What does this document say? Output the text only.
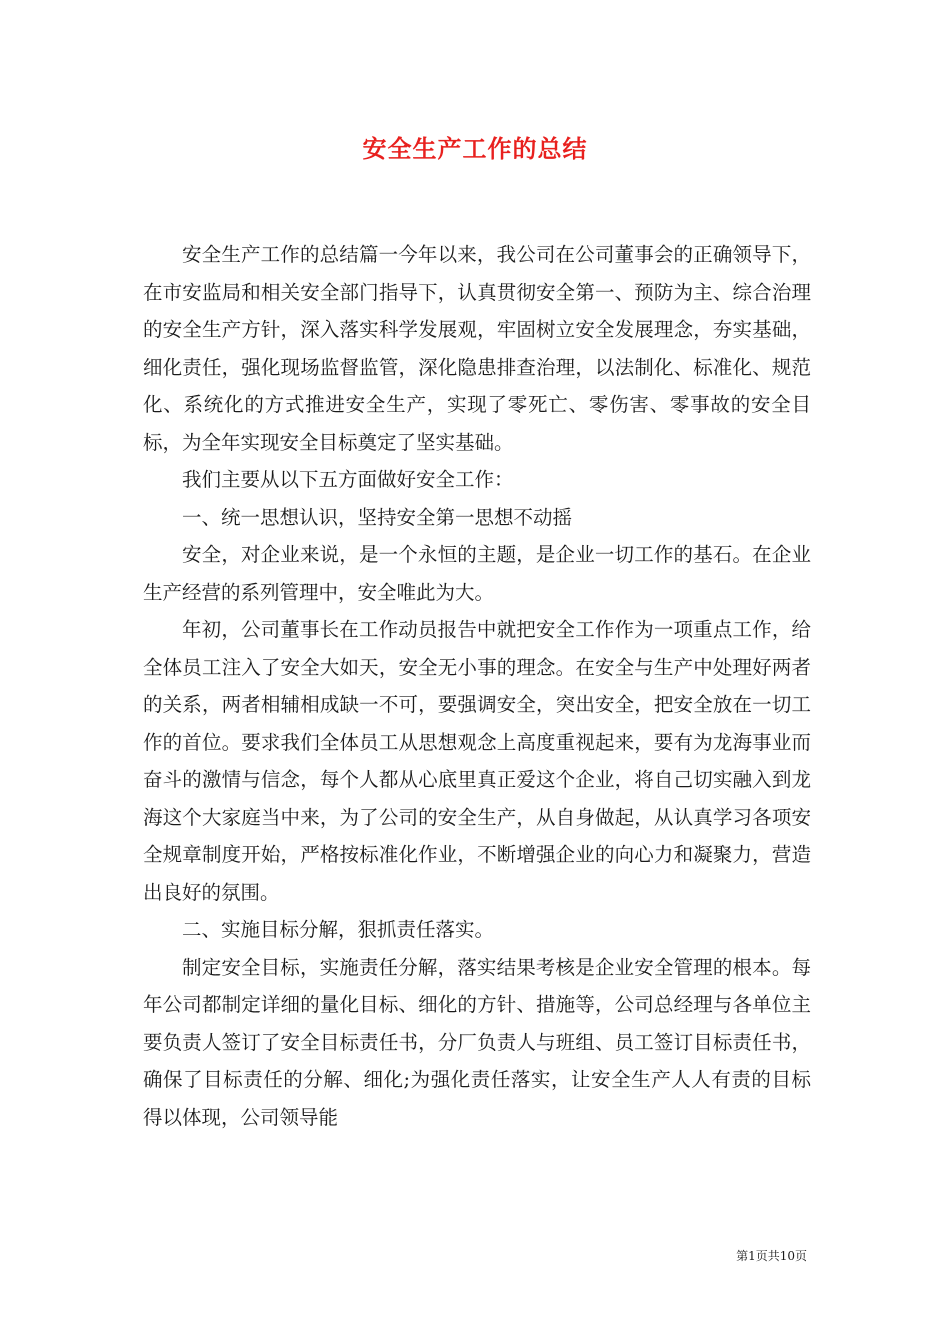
安全生产工作的总结

安全生产工作的总结篇一今年以来，我公司在公司董事会的正确领导下，在市安监局和相关安全部门指导下，认真贯彻安全第一、预防为主、综合治理的安全生产方针，深入落实科学发展观，牢固树立安全发展理念，夯实基础，细化责任，强化现场监督监管，深化隐患排查治理，以法制化、标准化、规范化、系统化的方式推进安全生产，实现了零死亡、零伤害、零事故的安全目标，为全年实现安全目标奠定了坚实基础。

我们主要从以下五方面做好安全工作：

一、统一思想认识，坚持安全第一思想不动摇

安全，对企业来说，是一个永恒的主题，是企业一切工作的基石。在企业生产经营的系列管理中，安全唯此为大。

年初，公司董事长在工作动员报告中就把安全工作作为一项重点工作，给全体员工注入了安全大如天，安全无小事的理念。在安全与生产中处理好两者的关系，两者相辅相成缺一不可，要强调安全，突出安全，把安全放在一切工作的首位。要求我们全体员工从思想观念上高度重视起来，要有为龙海事业而奋斗的激情与信念，每个人都从心底里真正爱这个企业，将自己切实融入到龙海这个大家庭当中来，为了公司的安全生产，从自身做起，从认真学习各项安全规章制度开始，严格按标准化作业，不断增强企业的向心力和凝聚力，营造出良好的氛围。

二、实施目标分解，狠抓责任落实。

制定安全目标，实施责任分解，落实结果考核是企业安全管理的根本。每年公司都制定详细的量化目标、细化的方针、措施等，公司总经理与各单位主要负责人签订了安全目标责任书，分厂负责人与班组、员工签订目标责任书，确保了目标责任的分解、细化;为强化责任落实，让安全生产人人有责的目标得以体现，公司领导能

第1页共10页
